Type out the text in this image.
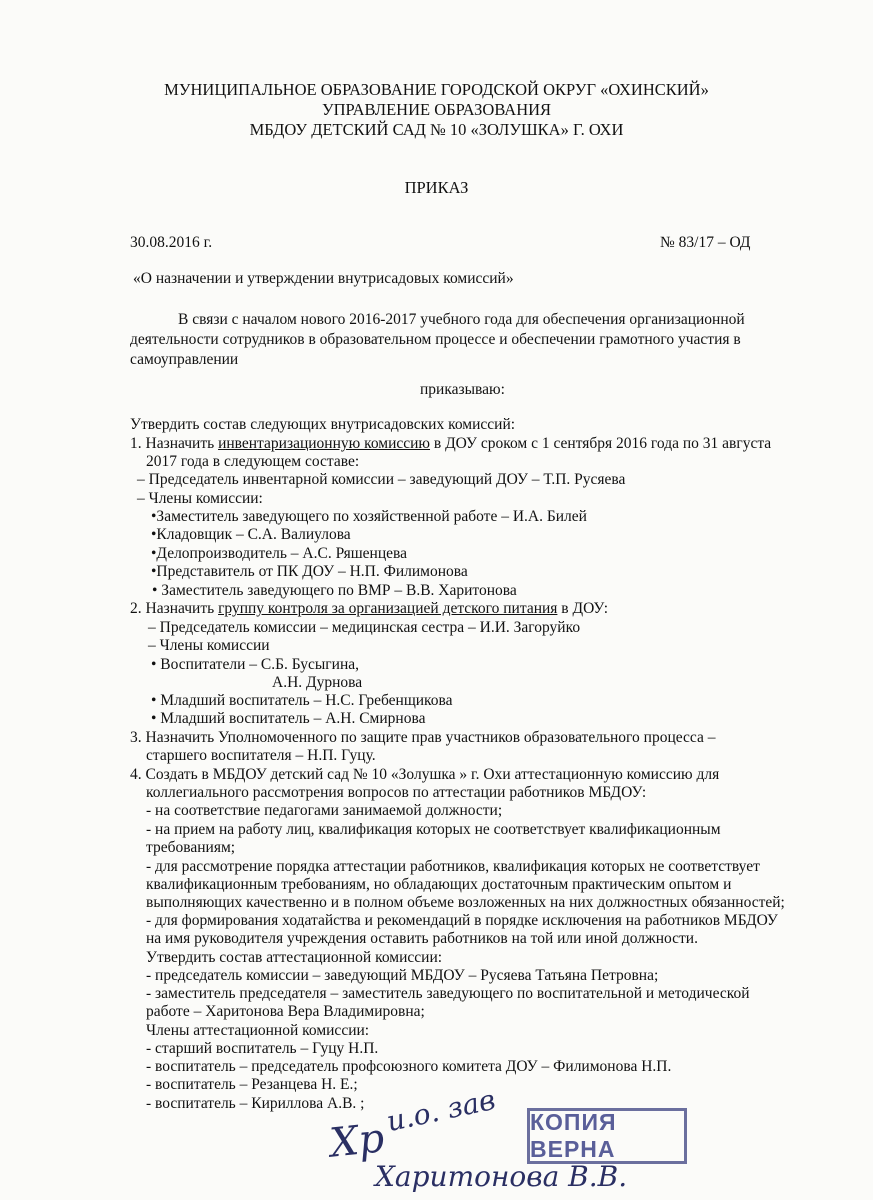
МУНИЦИПАЛЬНОЕ ОБРАЗОВАНИЕ ГОРОДСКОЙ ОКРУГ «ОХИНСКИЙ»
УПРАВЛЕНИЕ ОБРАЗОВАНИЯ
МБДОУ ДЕТСКИЙ САД № 10 «ЗОЛУШКА» Г. ОХИ
ПРИКАЗ
30.08.2016 г.	№ 83/17 – ОД
«О назначении и утверждении внутрисадовых комиссий»
В связи с началом нового 2016-2017 учебного года для обеспечения организационной
деятельности сотрудников в образовательном процессе и обеспечении грамотного участия в
самоуправлении
приказываю:
Утвердить состав следующих внутрисадовских комиссий:
1. Назначить инвентаризационную комиссию в ДОУ сроком с 1 сентября 2016 года по 31 августа
2017 года в следующем составе:
– Председатель инвентарной комиссии – заведующий ДОУ – Т.П. Русяева
– Члены комиссии:
•Заместитель заведующего по хозяйственной работе – И.А. Билей
•Кладовщик – С.А. Валиулова
•Делопроизводитель – А.С. Ряшенцева
•Представитель от ПК ДОУ – Н.П. Филимонова
• Заместитель заведующего по ВМР – В.В. Харитонова
2. Назначить группу контроля за организацией детского питания в ДОУ:
– Председатель комиссии – медицинская сестра – И.И. Загоруйко
– Члены комиссии
• Воспитатели – С.Б. Бусыгина,
А.Н. Дурнова
• Младший воспитатель – Н.С. Гребенщикова
• Младший воспитатель – А.Н. Смирнова
3. Назначить Уполномоченного по защите прав участников образовательного процесса –
старшего воспитателя – Н.П. Гуцу.
4. Создать в МБДОУ детский сад № 10 «Золушка » г. Охи аттестационную комиссию для
коллегиального рассмотрения вопросов по аттестации работников МБДОУ:
- на соответствие педагогами занимаемой должности;
- на прием на работу лиц, квалификация которых не соответствует квалификационным
требованиям;
- для рассмотрение порядка аттестации работников, квалификация которых не соответствует
квалификационным требованиям, но обладающих достаточным практическим опытом и
выполняющих качественно и в полном объеме возложенных на них должностных обязанностей;
- для формирования ходатайства и рекомендаций в порядке исключения на работников МБДОУ
на имя руководителя учреждения оставить работников на той или иной должности.
Утвердить состав аттестационной комиссии:
- председатель комиссии – заведующий МБДОУ – Русяева Татьяна Петровна;
- заместитель председателя – заместитель заведующего по воспитательной и методической
работе – Харитонова Вера Владимировна;
Члены аттестационной комиссии:
- старший воспитатель – Гуцу Н.П.
- воспитатель – председатель профсоюзного комитета ДОУ – Филимонова Н.П.
- воспитатель – Резанцева Н. Е.;
- воспитатель – Кириллова А.В. ; и.о. зав
Хр
Харитонова В.В.
КОПИЯ ВЕРНА
